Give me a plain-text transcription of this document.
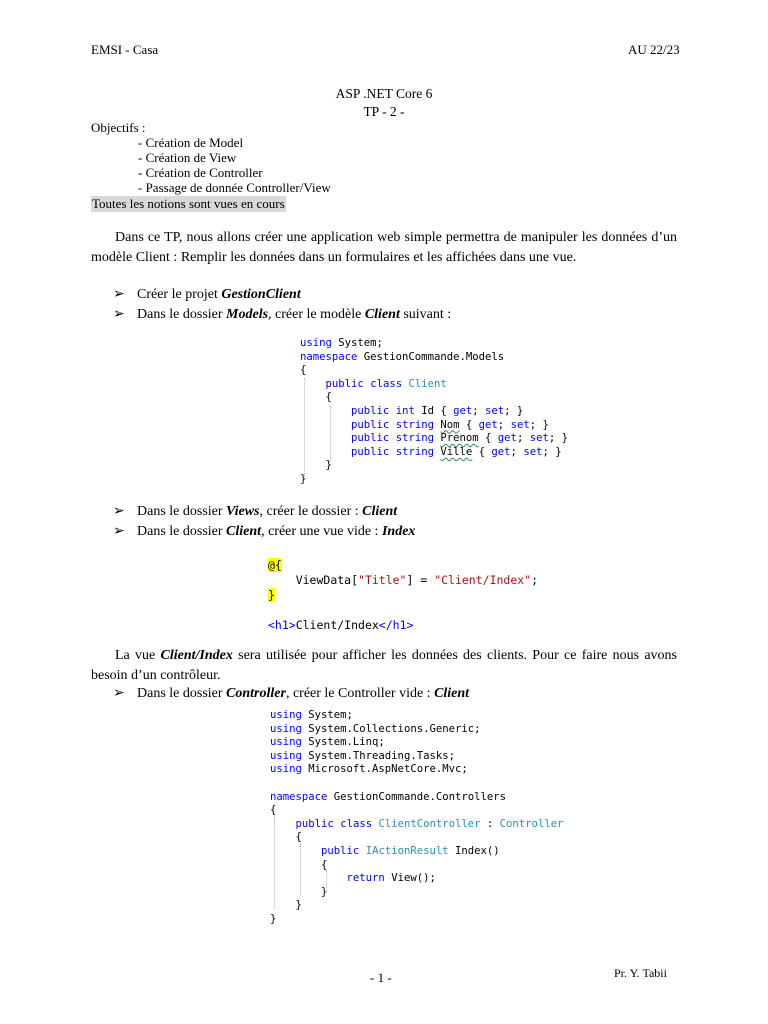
EMSI - Casa	AU 22/23
ASP .NET Core 6
TP - 2 -
Objectifs :
- Création de Model
- Création de View
- Création de Controller
- Passage de donnée Controller/View
Toutes les notions sont vues en cours
Dans ce TP, nous allons créer une application web simple permettra de manipuler les données d’un modèle Client : Remplir les données dans un formulaires et les affichées dans une vue.
➢ Créer le projet GestionClient
➢ Dans le dossier Models, créer le modèle Client suivant :
using System;
namespace GestionCommande.Models
{
public class Client
{
public int Id { get; set; }
public string Nom { get; set; }
public string Prenom { get; set; }
public string Ville { get; set; }
}
}
➢ Dans le dossier Views, créer le dossier : Client
➢ Dans le dossier Client, créer une vue vide : Index
@{
ViewData["Title"] = "Client/Index";
}

<h1>Client/Index</h1>
La vue Client/Index sera utilisée pour afficher les données des clients. Pour ce faire nous avons besoin d’un contrôleur.
➢ Dans le dossier Controller, créer le Controller vide : Client
using System;
using System.Collections.Generic;
using System.Linq;
using System.Threading.Tasks;
using Microsoft.AspNetCore.Mvc;

namespace GestionCommande.Controllers
{
public class ClientController : Controller
{
public IActionResult Index()
{
return View();
}
}
}
- 1 -	Pr. Y. Tabii
